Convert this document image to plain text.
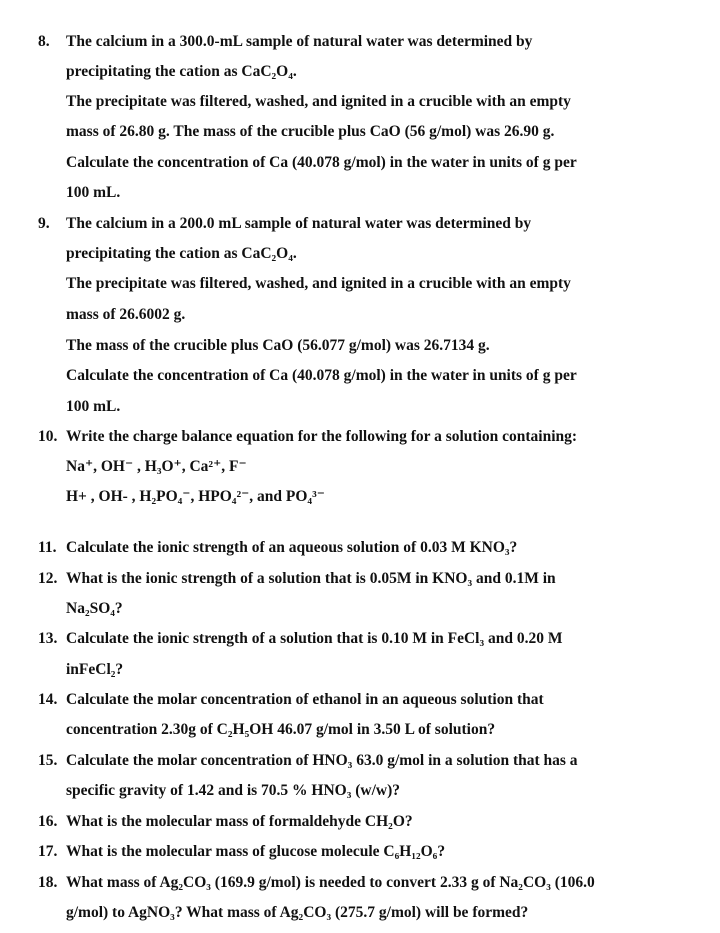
8. The calcium in a 300.0-mL sample of natural water was determined by
precipitating the cation as CaC₂O₄.
The precipitate was filtered, washed, and ignited in a crucible with an empty
mass of 26.80 g. The mass of the crucible plus CaO (56 g/mol) was 26.90 g.
Calculate the concentration of Ca (40.078 g/mol) in the water in units of g per
100 mL.
9. The calcium in a 200.0 mL sample of natural water was determined by
precipitating the cation as CaC₂O₄.
The precipitate was filtered, washed, and ignited in a crucible with an empty
mass of 26.6002 g.
The mass of the crucible plus CaO (56.077 g/mol) was 26.7134 g.
Calculate the concentration of Ca (40.078 g/mol) in the water in units of g per
100 mL.
10. Write the charge balance equation for the following for a solution containing:
Na⁺, OH⁻ , H₃O⁺, Ca²⁺, F⁻
H+ , OH- , H₂PO₄⁻, HPO₄²⁻, and PO₄³⁻
11. Calculate the ionic strength of an aqueous solution of 0.03 M KNO₃?
12. What is the ionic strength of a solution that is 0.05M in KNO₃ and 0.1M in
Na₂SO₄?
13. Calculate the ionic strength of a solution that is 0.10 M in FeCl₃ and 0.20 M
inFeCl₂?
14. Calculate the molar concentration of ethanol in an aqueous solution that
concentration 2.30g of C₂H₅OH 46.07 g/mol in 3.50 L of solution?
15. Calculate the molar concentration of HNO₃ 63.0 g/mol in a solution that has a
specific gravity of 1.42 and is 70.5 % HNO₃ (w/w)?
16. What is the molecular mass of formaldehyde CH₂O?
17. What is the molecular mass of glucose molecule C₆H₁₂O₆?
18. What mass of Ag₂CO₃ (169.9 g/mol) is needed to convert 2.33 g of Na₂CO₃ (106.0
g/mol) to AgNO₃? What mass of Ag₂CO₃ (275.7 g/mol) will be formed?
